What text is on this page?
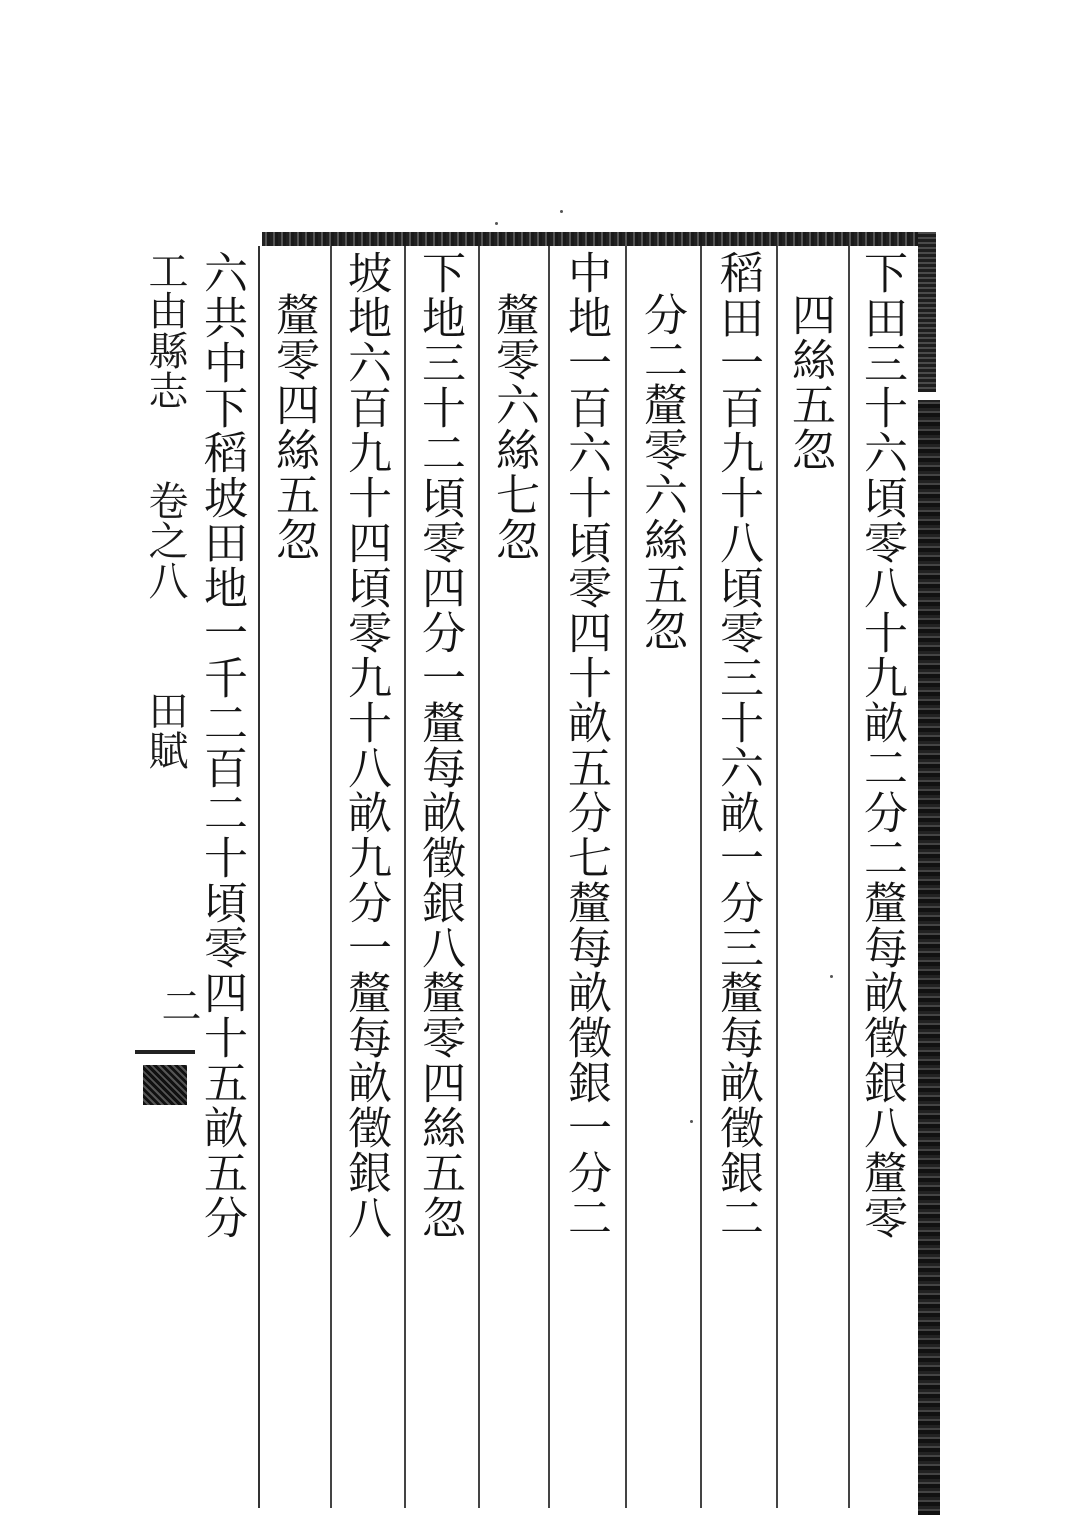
下田三十六頃零八十九畝二分二釐每畝徵銀八釐零
四絲五忽
稻田一百九十八頃零三十六畝一分三釐每畝徵銀二
分二釐零六絲五忽
中地一百六十頃零四十畝五分七釐每畝徵銀一分二
釐零六絲七忽
下地三十二頃零四分一釐每畝徵銀八釐零四絲五忽
坡地六百九十四頃零九十八畝九分一釐每畝徵銀八
釐零四絲五忽
六共中下稻坡田地一千二百二十頃零四十五畝五分
工由縣志
卷之八
田賦
二
